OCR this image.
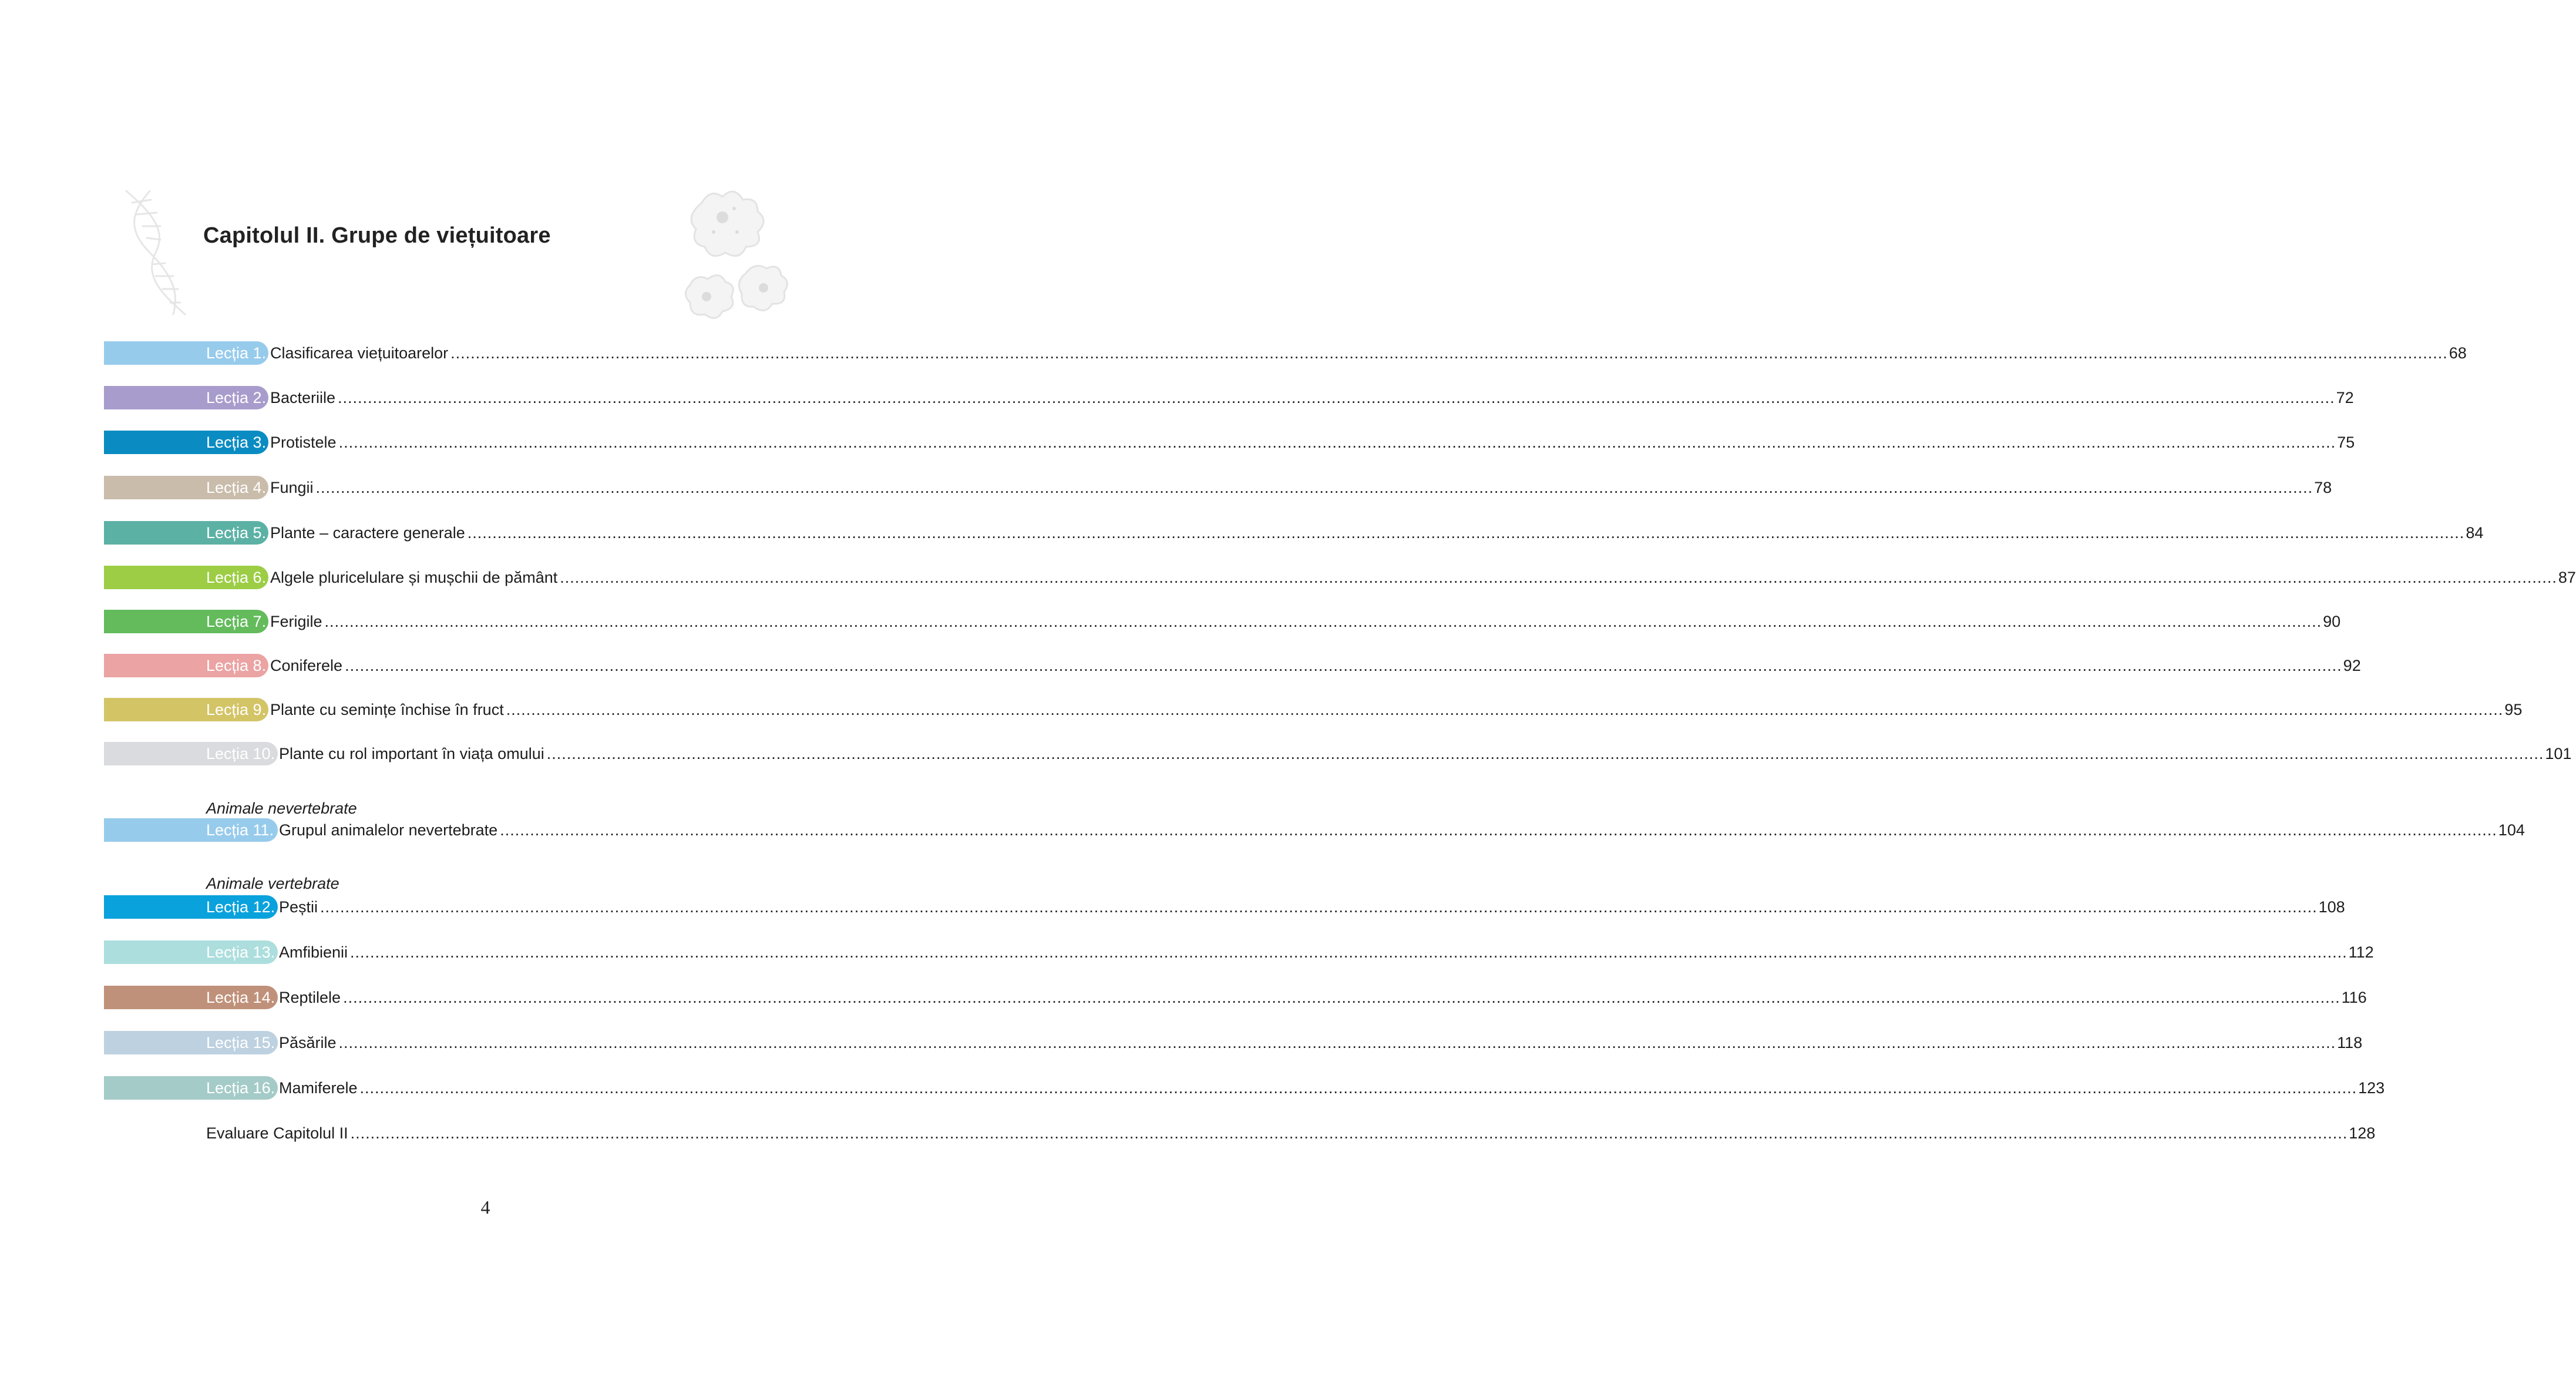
Capitolul II. Grupe de viețuitoare
Lecția 1. Clasificarea viețuitoarelor ................................................................................................................................................................................................................................................................................................................................................................................................................ 68
Lecția 2. Bacteriile ................................................................................................................................................................................................................................................................................................................................................................................................................ 72
Lecția 3. Protistele ................................................................................................................................................................................................................................................................................................................................................................................................................ 75
Lecția 4. Fungii ................................................................................................................................................................................................................................................................................................................................................................................................................ 78
Lecția 5. Plante – caractere generale ................................................................................................................................................................................................................................................................................................................................................................................................................ 84
Lecția 6. Algele pluricelulare și mușchii de pământ ................................................................................................................................................................................................................................................................................................................................................................................................................ 87
Lecția 7. Ferigile ................................................................................................................................................................................................................................................................................................................................................................................................................ 90
Lecția 8. Coniferele ................................................................................................................................................................................................................................................................................................................................................................................................................ 92
Lecția 9. Plante cu semințe închise în fruct ................................................................................................................................................................................................................................................................................................................................................................................................................ 95
Lecția 10. Plante cu rol important în viața omului ................................................................................................................................................................................................................................................................................................................................................................................................................ 101
Animale nevertebrate
Lecția 11. Grupul animalelor nevertebrate ................................................................................................................................................................................................................................................................................................................................................................................................................ 104
Animale vertebrate
Lecția 12. Peștii ................................................................................................................................................................................................................................................................................................................................................................................................................ 108
Lecția 13. Amfibienii ................................................................................................................................................................................................................................................................................................................................................................................................................ 112
Lecția 14. Reptilele ................................................................................................................................................................................................................................................................................................................................................................................................................ 116
Lecția 15. Păsările ................................................................................................................................................................................................................................................................................................................................................................................................................ 118
Lecția 16. Mamiferele ................................................................................................................................................................................................................................................................................................................................................................................................................ 123
Evaluare Capitolul II ................................................................................................................................................................................................................................................................................................................................................................................................................ 128
4
